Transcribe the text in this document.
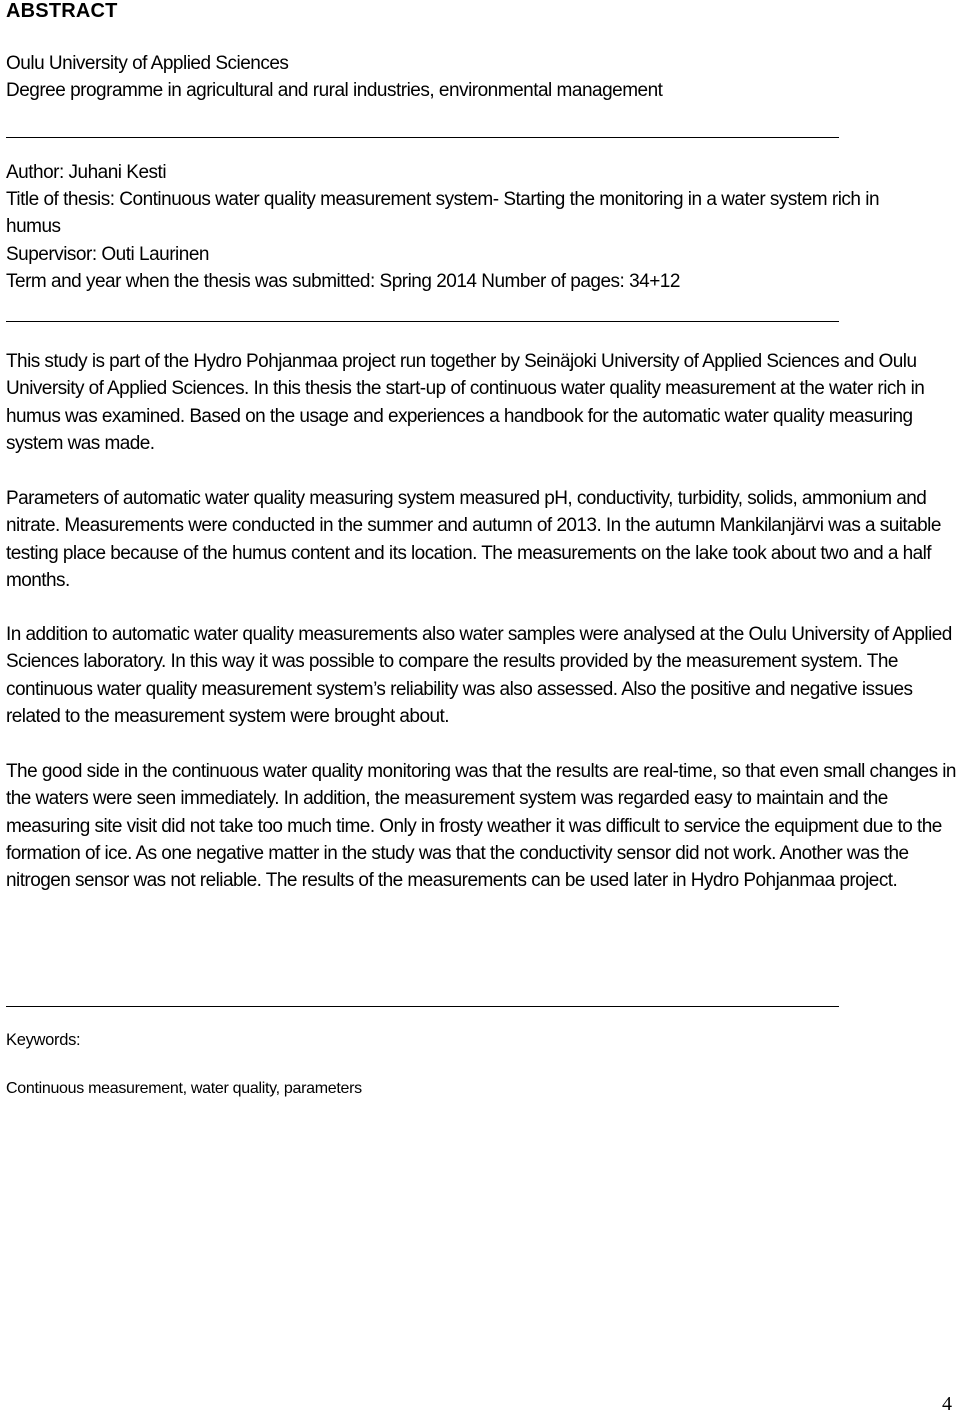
ABSTRACT
Oulu University of Applied Sciences
Degree programme in agricultural and rural industries, environmental management
Author: Juhani Kesti
Title of thesis: Continuous water quality measurement system- Starting the monitoring in a water system rich in
humus
Supervisor: Outi Laurinen
Term and year when the thesis was submitted: Spring 2014 Number of pages: 34+12

This study is part of the Hydro Pohjanmaa project run together by Seinäjoki University of Applied Sciences and Oulu University of Applied Sciences. In this thesis the start-up of continuous water quality measurement at the water rich in humus was examined. Based on the usage and experiences a handbook for the automatic water quality measuring system was made.

Parameters of automatic water quality measuring system measured pH, conductivity, turbidity, solids, ammonium and nitrate. Measurements were conducted in the summer and autumn of 2013. In the autumn Mankilanjärvi was a suitable testing place because of the humus content and its location. The measurements on the lake took about two and a half months.

In addition to automatic water quality measurements also water samples were analysed at the Oulu University of Applied Sciences laboratory. In this way it was possible to compare the results provided by the measurement system. The continuous water quality measurement system’s reliability was also assessed. Also the positive and negative issues related to the measurement system were brought about.

The good side in the continuous water quality monitoring was that the results are real-time, so that even small changes in the waters were seen immediately. In addition, the measurement system was regarded easy to maintain and the measuring site visit did not take too much time. Only in frosty weather it was difficult to service the equipment due to the formation of ice. As one negative matter in the study was that the conductivity sensor did not work. Another was the nitrogen sensor was not reliable. The results of the measurements can be used later in Hydro Pohjanmaa project.

Keywords:
Continuous measurement, water quality, parameters
4
